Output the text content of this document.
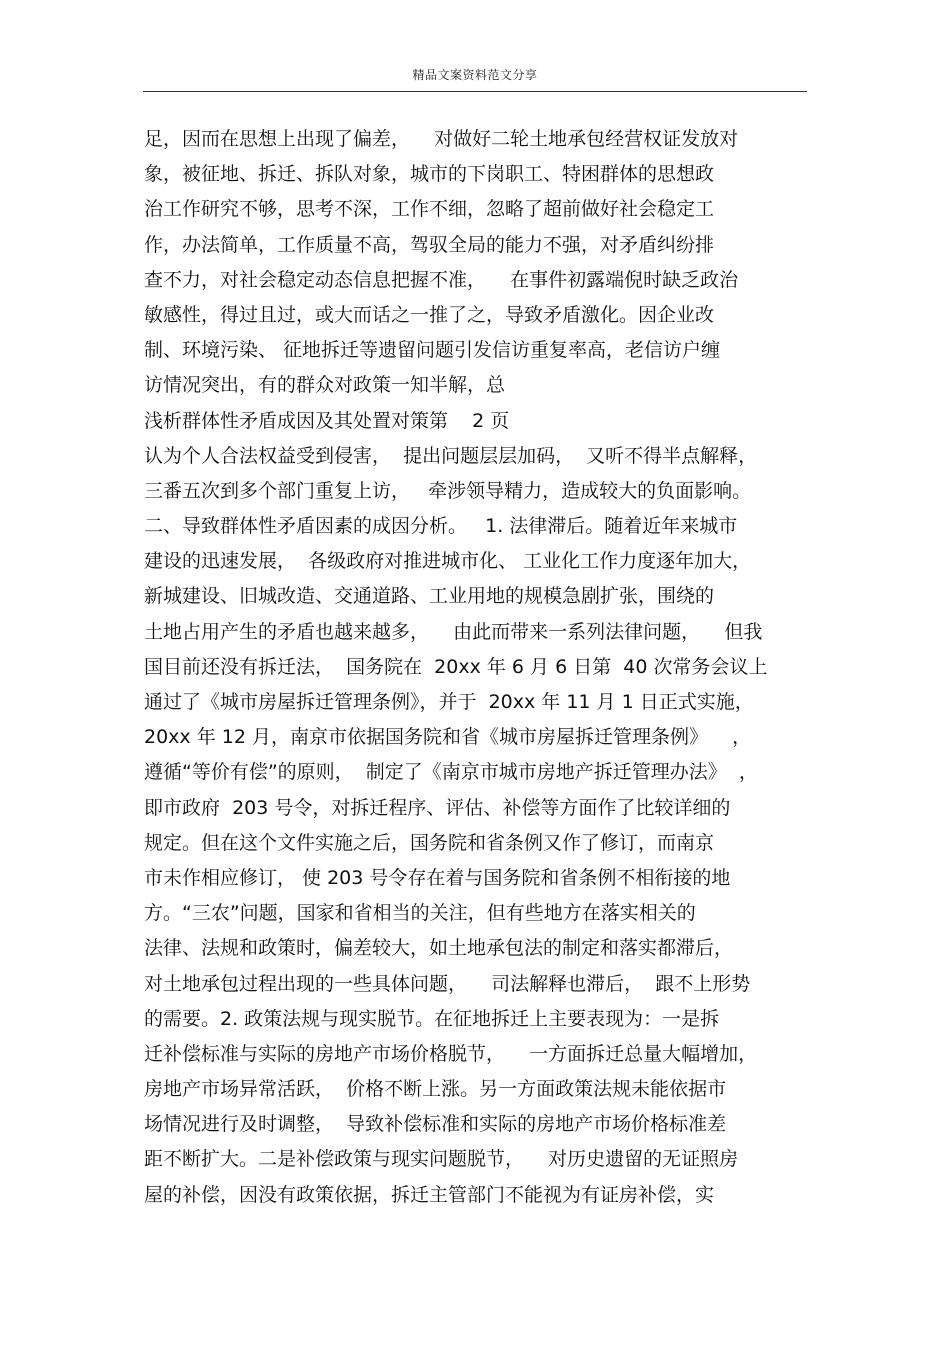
精品文案资料范文分享
足，因而在思想上出现了偏差，    对做好二轮土地承包经营权证发放对
象，被征地、拆迁、拆队对象，城市的下岗职工、特困群体的思想政
治工作研究不够，思考不深，工作不细，忽略了超前做好社会稳定工
作，办法简单，工作质量不高，驾驭全局的能力不强，对矛盾纠纷排
查不力，对社会稳定动态信息把握不准，    在事件初露端倪时缺乏政治
敏感性，得过且过，或大而话之一推了之，导致矛盾激化。因企业改
制、环境污染、 征地拆迁等遗留问题引发信访重复率高，老信访户缠
访情况突出，有的群众对政策一知半解，总
浅析群体性矛盾成因及其处置对策第    2 页
认为个人合法权益受到侵害，  提出问题层层加码，  又听不得半点解释，
三番五次到多个部门重复上访，   牵涉领导精力，造成较大的负面影响。
二、导致群体性矛盾因素的成因分析。   1. 法律滞后。随着近年来城市
建设的迅速发展，  各级政府对推进城市化、 工业化工作力度逐年加大，
新城建设、旧城改造、交通道路、工业用地的规模急剧扩张，围绕的
土地占用产生的矛盾也越来越多，    由此而带来一系列法律问题，    但我
国目前还没有拆迁法，  国务院在  20xx 年 6 月 6 日第  40 次常务会议上
通过了《城市房屋拆迁管理条例》，并于  20xx 年 11 月 1 日正式实施，
20xx 年 12 月，南京市依据国务院和省《城市房屋拆迁管理条例》    ，
遵循“等价有偿”的原则，  制定了《南京市城市房地产拆迁管理办法》  ，
即市政府  203 号令，对拆迁程序、评估、补偿等方面作了比较详细的
规定。但在这个文件实施之后，国务院和省条例又作了修订，而南京
市未作相应修订， 使 203 号令存在着与国务院和省条例不相衔接的地
方。“三农”问题，国家和省相当的关注，但有些地方在落实相关的
法律、法规和政策时，偏差较大，如土地承包法的制定和落实都滞后，
对土地承包过程出现的一些具体问题，    司法解释也滞后，  跟不上形势
的需要。2. 政策法规与现实脱节。在征地拆迁上主要表现为：一是拆
迁补偿标准与实际的房地产市场价格脱节，    一方面拆迁总量大幅增加，
房地产市场异常活跃，  价格不断上涨。另一方面政策法规未能依据市
场情况进行及时调整，  导致补偿标准和实际的房地产市场价格标准差
距不断扩大。二是补偿政策与现实问题脱节，    对历史遗留的无证照房
屋的补偿，因没有政策依据，拆迁主管部门不能视为有证房补偿，实
